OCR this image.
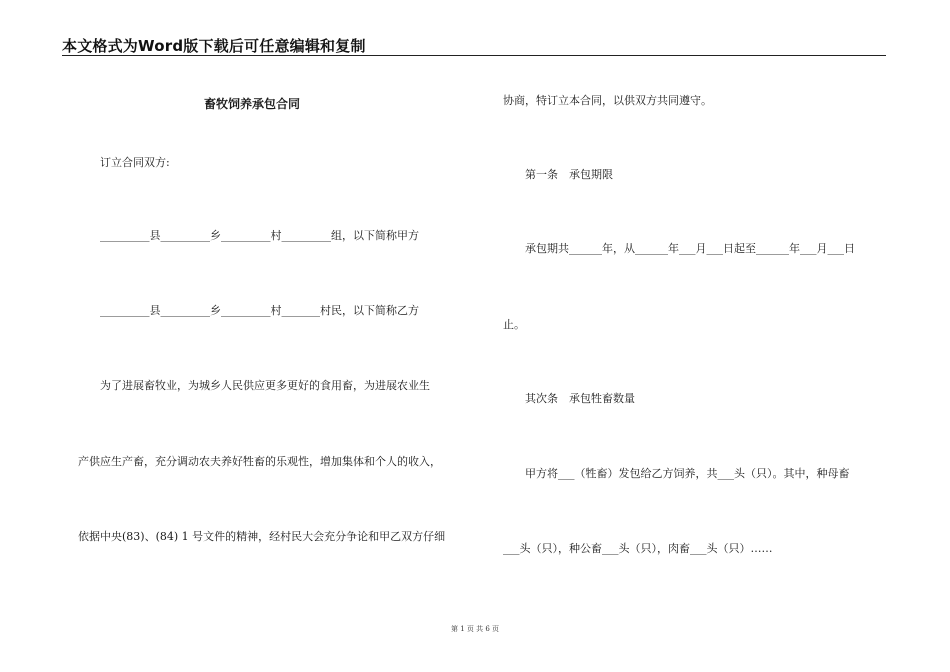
本文格式为Word版下载后可任意编辑和复制
畜牧饲养承包合同
订立合同双方:
_________县_________乡_________村_________组，以下简称甲方
_________县_________乡_________村_______村民，以下简称乙方
为了进展畜牧业，为城乡人民供应更多更好的食用畜，为进展农业生
产供应生产畜，充分调动农夫养好牲畜的乐观性，增加集体和个人的收入，
依据中央(83)、(84) 1 号文件的精神，经村民大会充分争论和甲乙双方仔细
协商，特订立本合同，以供双方共同遵守。
第一条　承包期限
承包期共______年，从______年___月___日起至______年___月___日
止。
其次条　承包牲畜数量
甲方将___（牲畜）发包给乙方饲养，共___头（只）。其中，种母畜
___头（只），种公畜___头（只），肉畜___头（只）……
第 1 页 共 6 页
